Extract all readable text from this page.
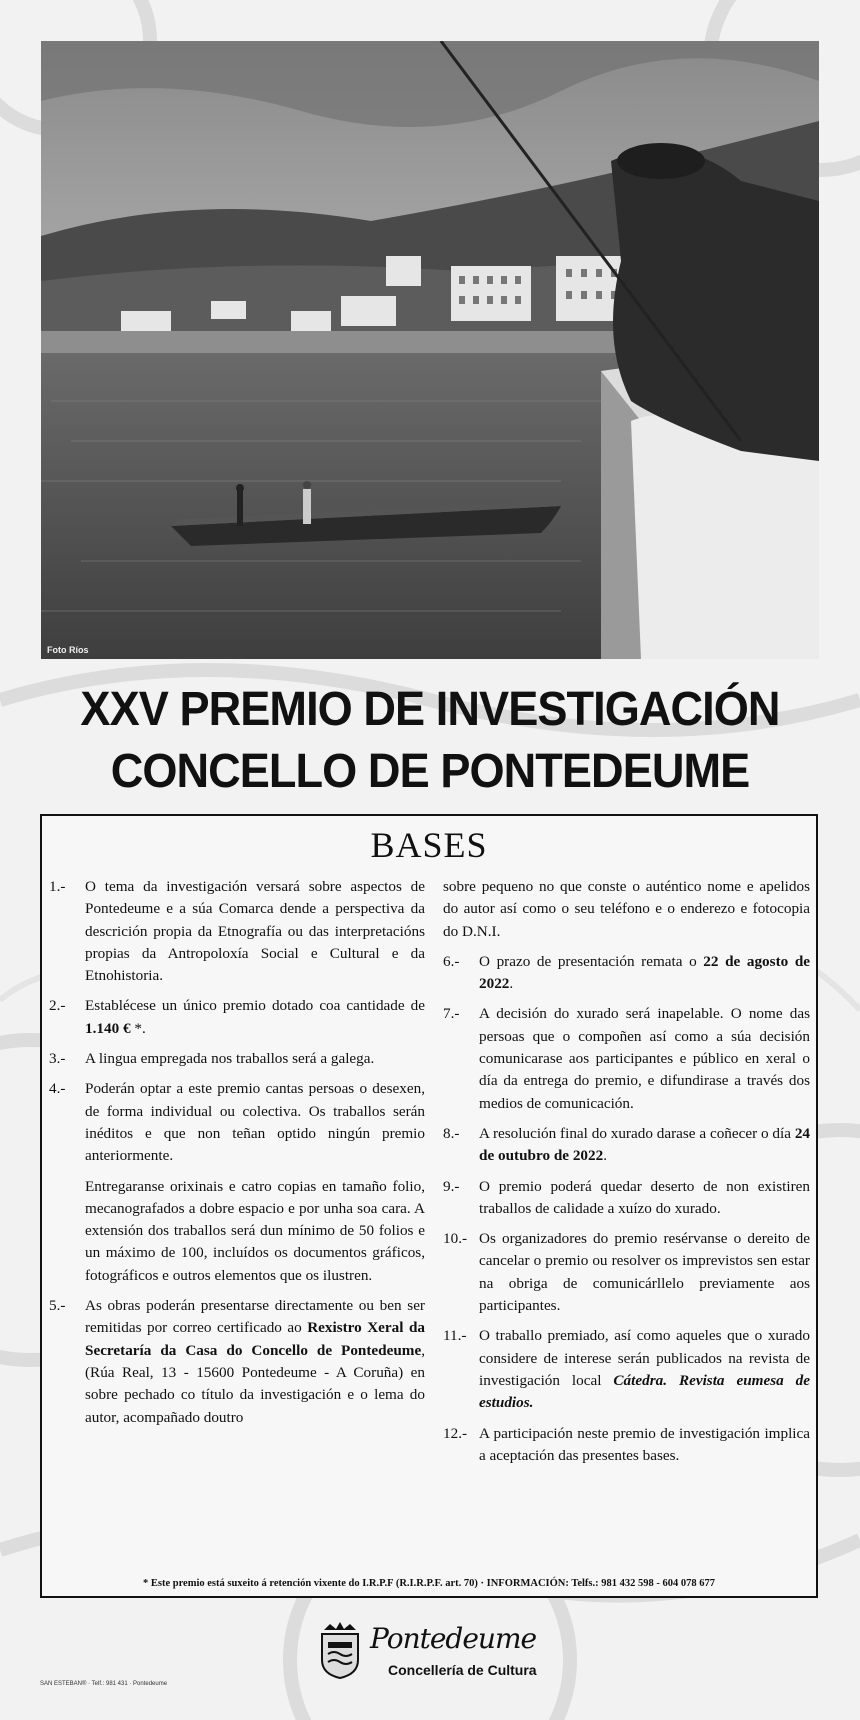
Foto Ríos
XXV PREMIO DE INVESTIGACIÓN
CONCELLO DE PONTEDEUME
BASES
1.-	O tema da investigación versará sobre aspectos de Pontedeume e a súa Comarca dende a perspectiva da descrición propia da Etnografía ou das interpretacións propias da Antropoloxía Social e Cultural e da Etnohistoria.
2.-	Establécese un único premio dotado coa cantidade de 1.140 € *.
3.-	A lingua empregada nos traballos será a galega.
4.-	Poderán optar a este premio cantas persoas o desexen, de forma individual ou colectiva. Os traballos serán inéditos e que non teñan optido ningún premio anteriormente.
Entregaranse orixinais e catro copias en tamaño folio, mecanografados a dobre espacio e por unha soa cara. A extensión dos traballos será dun mínimo de 50 folios e un máximo de 100, incluídos os documentos gráficos, fotográficos e outros elementos que os ilustren.
5.-	As obras poderán presentarse directamente ou ben ser remitidas por correo certificado ao Rexistro Xeral da Secretaría da Casa do Concello de Pontedeume, (Rúa Real, 13 - 15600 Pontedeume - A Coruña) en sobre pechado co título da investigación e o lema do autor, acompañado doutro
sobre pequeno no que conste o auténtico nome e apelidos do autor así como o seu teléfono e o enderezo e fotocopia do D.N.I.
6.-	O prazo de presentación remata o 22 de agosto de 2022.
7.-	A decisión do xurado será inapelable. O nome das persoas que o compoñen así como a súa decisión comunicarase aos participantes e público en xeral o día da entrega do premio, e difundirase a través dos medios de comunicación.
8.-	A resolución final do xurado darase a coñecer o día 24 de outubro de 2022.
9.-	O premio poderá quedar deserto de non existiren traballos de calidade a xuízo do xurado.
10.- Os organizadores do premio resérvanse o dereito de cancelar o premio ou resolver os imprevistos sen estar na obriga de comunicárllelo previamente aos participantes.
11.- O traballo premiado, así como aqueles que o xurado considere de interese serán publicados na revista de investigación local Cátedra. Revista eumesa de estudios.
12.- A participación neste premio de investigación implica a aceptación das presentes bases.
* Este premio está suxeito á retención vixente do I.R.P.F (R.I.R.P.F. art. 70) · INFORMACIÓN: Telfs.: 981 432 598 - 604 078 677
Pontedeume
Concellería de Cultura
SAN ESTEBAN® · Telf.: 981 431 · Pontedeume
